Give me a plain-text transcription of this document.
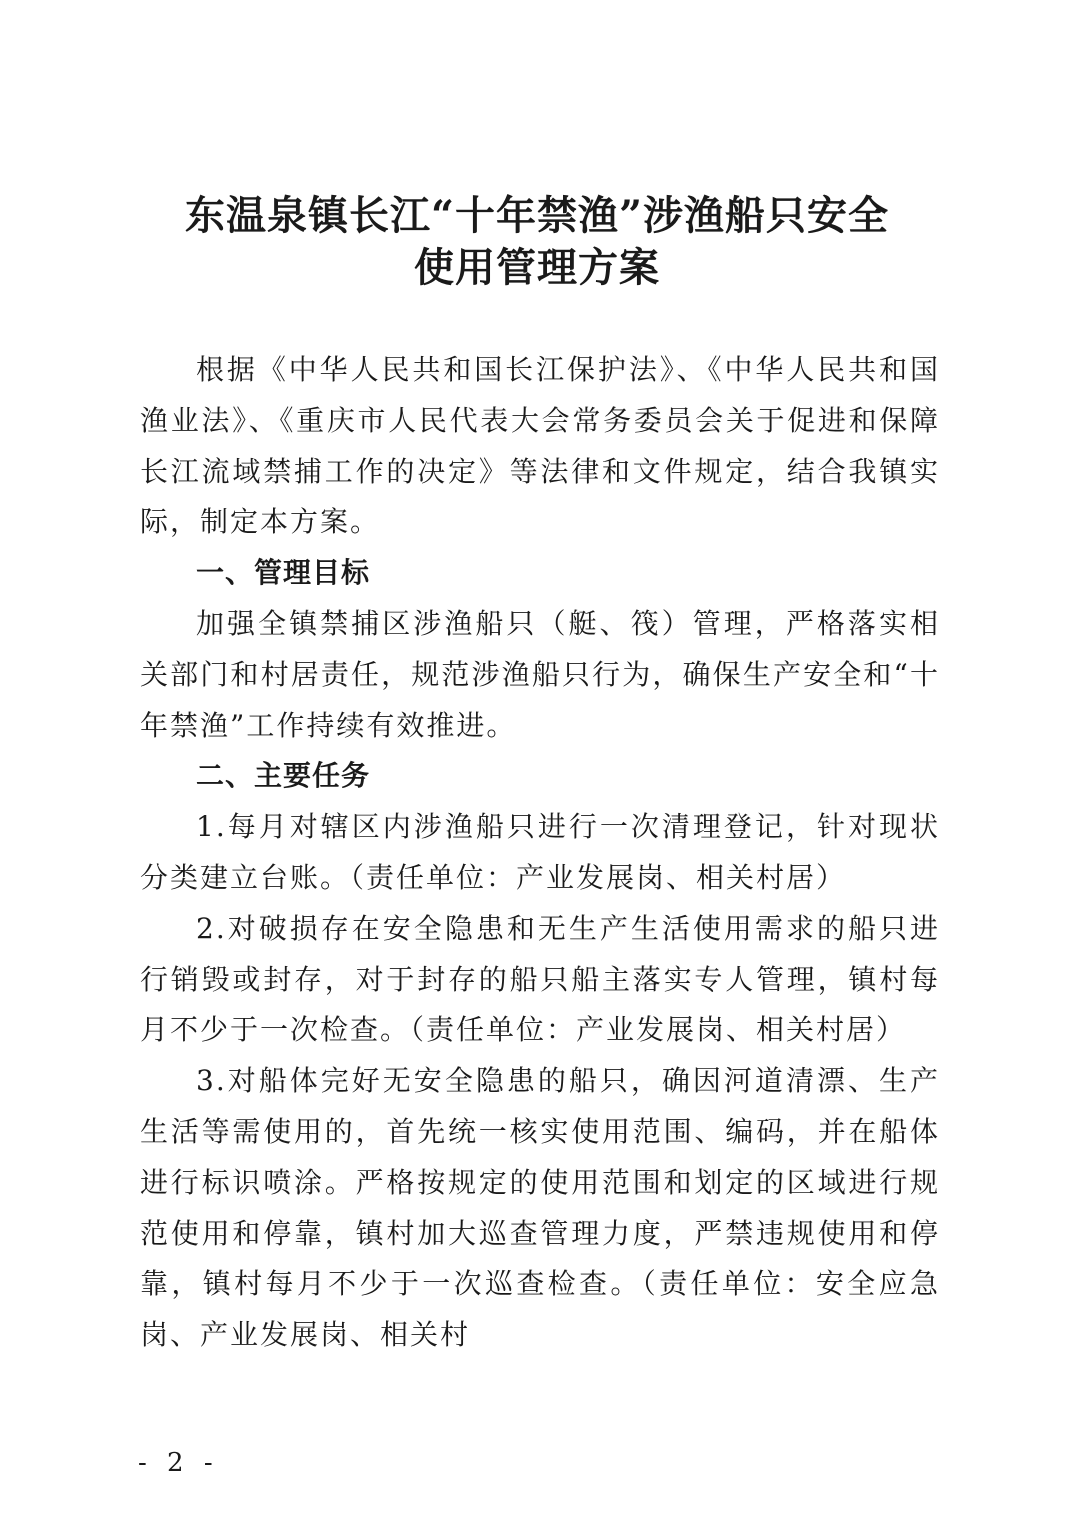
东温泉镇长江“十年禁渔”涉渔船只安全
使用管理方案

根据《中华人民共和国长江保护法》、《中华人民共和国渔业法》、《重庆市人民代表大会常务委员会关于促进和保障长江流域禁捕工作的决定》等法律和文件规定，结合我镇实际，制定本方案。

一、管理目标

加强全镇禁捕区涉渔船只（艇、筏）管理，严格落实相关部门和村居责任，规范涉渔船只行为，确保生产安全和“十年禁渔”工作持续有效推进。

二、主要任务

1.每月对辖区内涉渔船只进行一次清理登记，针对现状分类建立台账。（责任单位：产业发展岗、相关村居）

2.对破损存在安全隐患和无生产生活使用需求的船只进行销毁或封存，对于封存的船只船主落实专人管理，镇村每月不少于一次检查。（责任单位：产业发展岗、相关村居）

3.对船体完好无安全隐患的船只，确因河道清漂、生产生活等需使用的，首先统一核实使用范围、编码，并在船体进行标识喷涂。严格按规定的使用范围和划定的区域进行规范使用和停靠，镇村加大巡查管理力度，严禁违规使用和停靠，镇村每月不少于一次巡查检查。（责任单位：安全应急岗、产业发展岗、相关村

- 2 -
